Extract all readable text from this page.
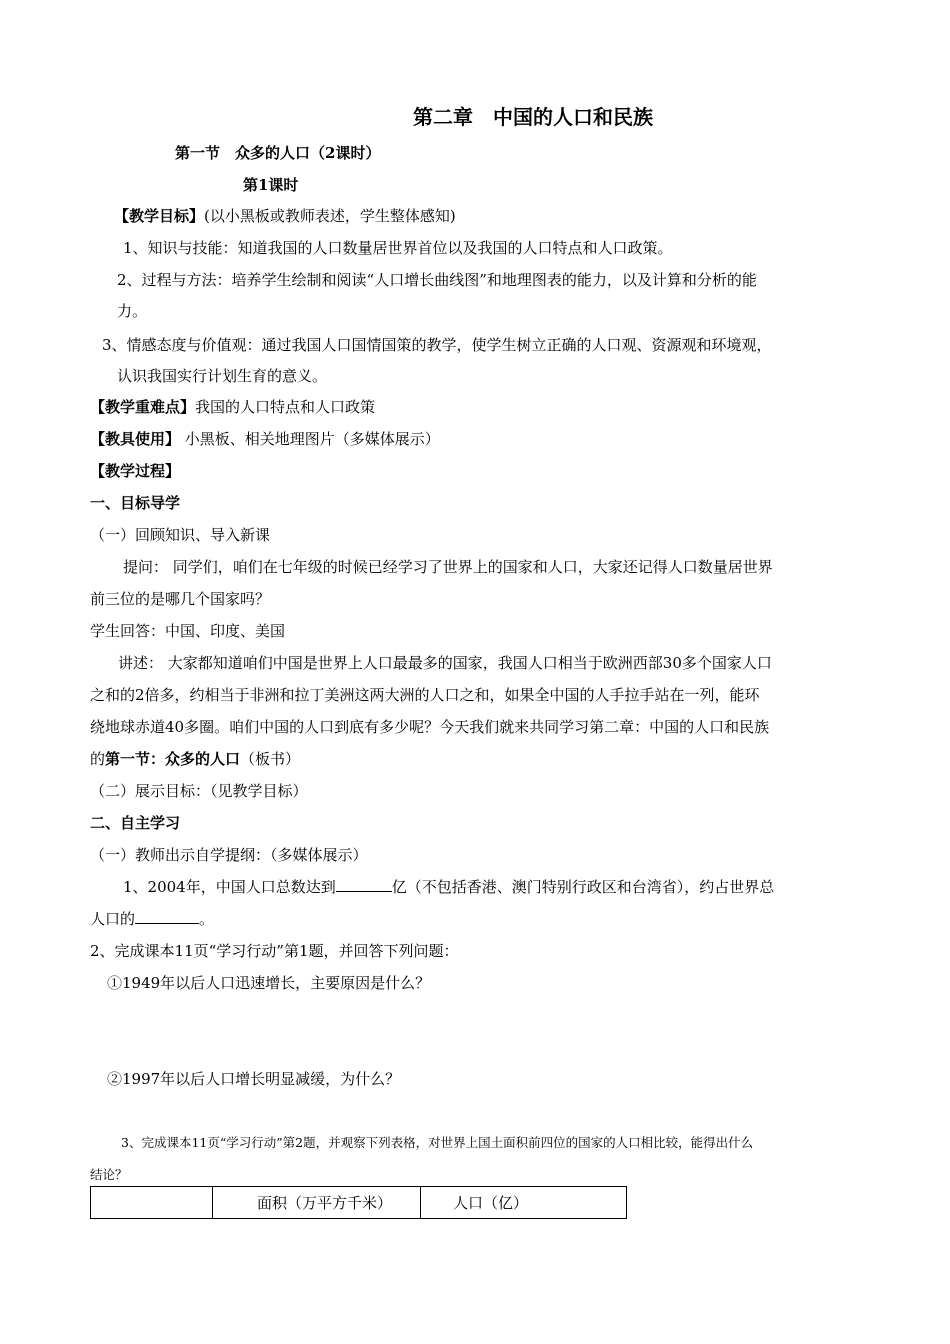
第二章　中国的人口和民族
第一节　众多的人口（2课时）
第1课时
【教学目标】(以小黑板或教师表述，学生整体感知)
1、知识与技能：知道我国的人口数量居世界首位以及我国的人口特点和人口政策。
2、过程与方法：培养学生绘制和阅读“人口增长曲线图”和地理图表的能力，以及计算和分析的能
力。
3、情感态度与价值观：通过我国人口国情国策的教学，使学生树立正确的人口观、资源观和环境观，
认识我国实行计划生育的意义。
【教学重难点】我国的人口特点和人口政策
【教具使用】 小黑板、相关地理图片（多媒体展示）
【教学过程】
一、目标导学
（一）回顾知识、导入新课
提问： 同学们，咱们在七年级的时候已经学习了世界上的国家和人口，大家还记得人口数量居世界
前三位的是哪几个国家吗？
学生回答：中国、印度、美国
讲述： 大家都知道咱们中国是世界上人口最最多的国家，我国人口相当于欧洲西部30多个国家人口
之和的2倍多，约相当于非洲和拉丁美洲这两大洲的人口之和，如果全中国的人手拉手站在一列，能环
绕地球赤道40多圈。咱们中国的人口到底有多少呢？今天我们就来共同学习第二章：中国的人口和民族
的第一节：众多的人口（板书）
（二）展示目标：（见教学目标）
二、自主学习
（一）教师出示自学提纲：（多媒体展示）
1、2004年，中国人口总数达到	亿（不包括香港、澳门特别行政区和台湾省），约占世界总
人口的	。
2、完成课本11页“学习行动”第1题，并回答下列问题：
①1949年以后人口迅速增长，主要原因是什么？
②1997年以后人口增长明显减缓，为什么？
3、完成课本11页“学习行动”第2题，并观察下列表格，对世界上国土面积前四位的国家的人口相比较，能得出什么
结论？
	面积（万平方千米）	人口（亿）
